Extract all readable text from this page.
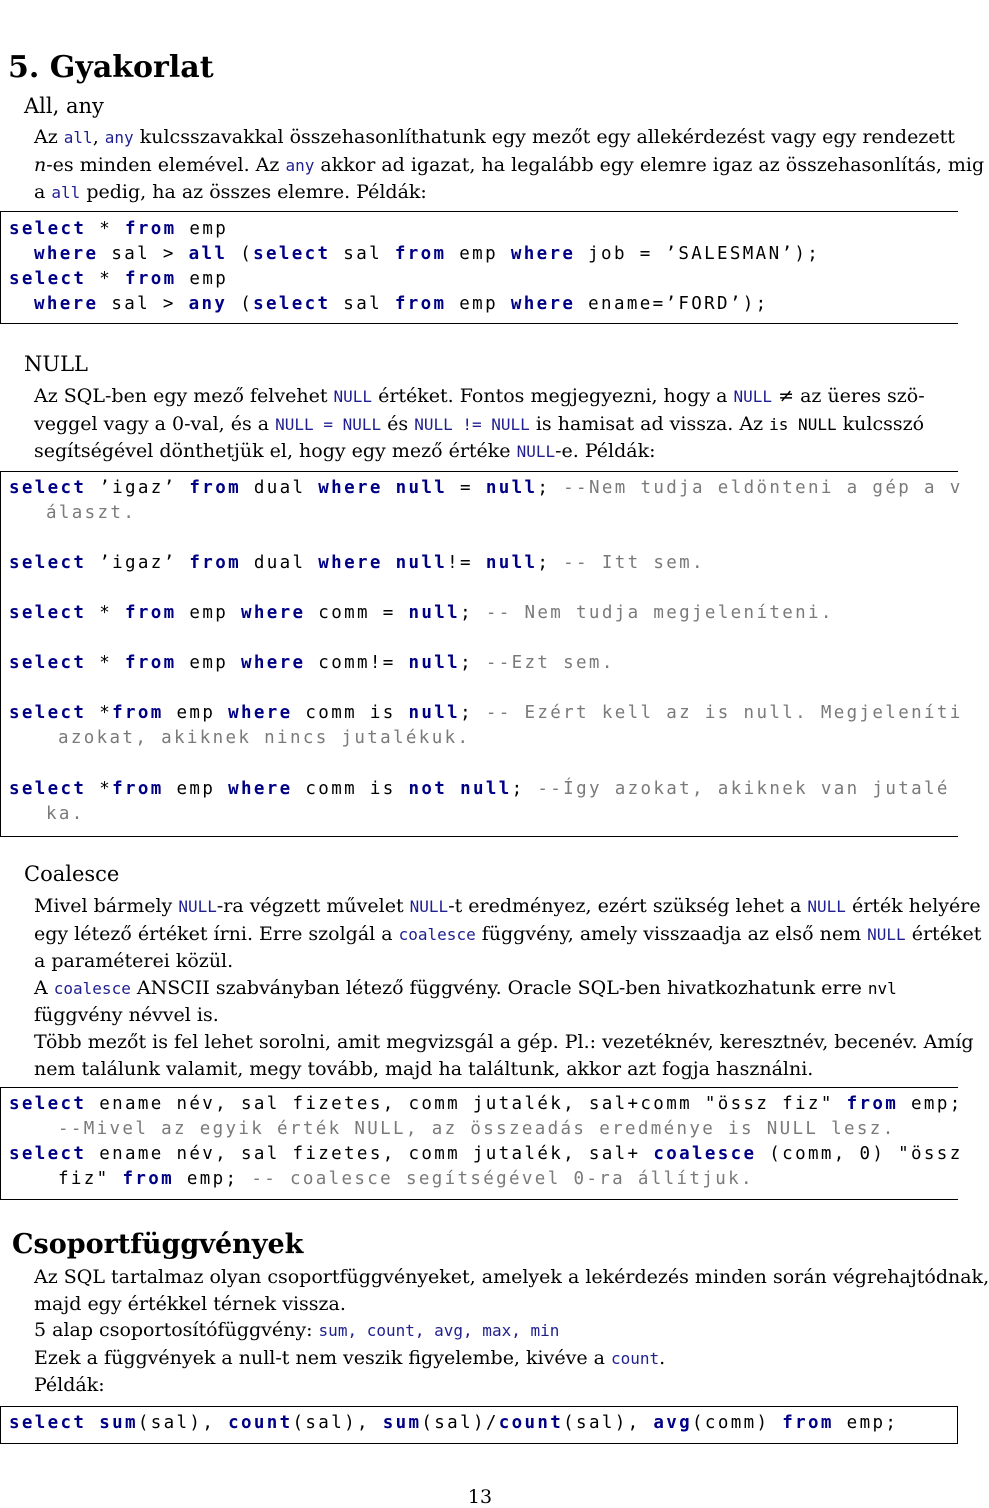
5. Gyakorlat
All, any

Az all, any kulcsszavakkal összehasonlíthatunk egy mezőt egy allekérdezést vagy egy rendezett

n-es minden elemével. Az any akkor ad igazat, ha legalább egy elemre igaz az összehasonlítás, mig

a all pedig, ha az összes elemre. Példák:

select * from emp
where sal > all (select sal from emp where job = ’SALESMAN’);
select * from emp
where sal > any (select sal from emp where ename=’FORD’);
NULL

Az SQL-ben egy mező felvehet NULL értéket. Fontos megjegyezni, hogy a NULL ≠ az üeres szö-

veggel vagy a 0-val, és a NULL = NULL és NULL != NULL is hamisat ad vissza. Az is NULL kulcsszó

segítségével dönthetjük el, hogy egy mező értéke NULL-e. Példák:

select ’igaz’ from dual where null = null; --Nem tudja eldönteni a gép a v
álaszt.
select ’igaz’ from dual where null!= null; -- Itt sem.
select * from emp where comm = null; -- Nem tudja megjeleníteni.
select * from emp where comm!= null; --Ezt sem.
select *from emp where comm is null; -- Ezért kell az is null. Megjeleníti
azokat, akiknek nincs jutalékuk.
select *from emp where comm is not null; --Így azokat, akiknek van jutalé
ka.
Coalesce

Mivel bármely NULL-ra végzett művelet NULL-t eredményez, ezért szükség lehet a NULL érték helyére

egy létező értéket írni. Erre szolgál a coalesce függvény, amely visszaadja az első nem NULL értéket

a paraméterei közül.

A coalesce ANSCII szabványban létező függvény. Oracle SQL-ben hivatkozhatunk erre nvl

függvény névvel is.

Több mezőt is fel lehet sorolni, amit megvizsgál a gép. Pl.: vezetéknév, keresztnév, becenév. Amíg

nem találunk valamit, megy tovább, majd ha találtunk, akkor azt fogja használni.

select ename név, sal fizetes, comm jutalék, sal+comm "össz fiz" from emp;
--Mivel az egyik érték NULL, az összeadás eredménye is NULL lesz.
select ename név, sal fizetes, comm jutalék, sal+ coalesce (comm, 0) "össz
fiz" from emp; -- coalesce segítségével 0-ra állítjuk.
Csoportfüggvények

Az SQL tartalmaz olyan csoportfüggvényeket, amelyek a lekérdezés minden során végrehajtódnak,

majd egy értékkel térnek vissza.

5 alap csoportosítófüggvény: sum, count, avg, max, min

Ezek a függvények a null-t nem veszik figyelembe, kivéve a count.

Példák:

select sum(sal), count(sal), sum(sal)/count(sal), avg(comm) from emp;
13
